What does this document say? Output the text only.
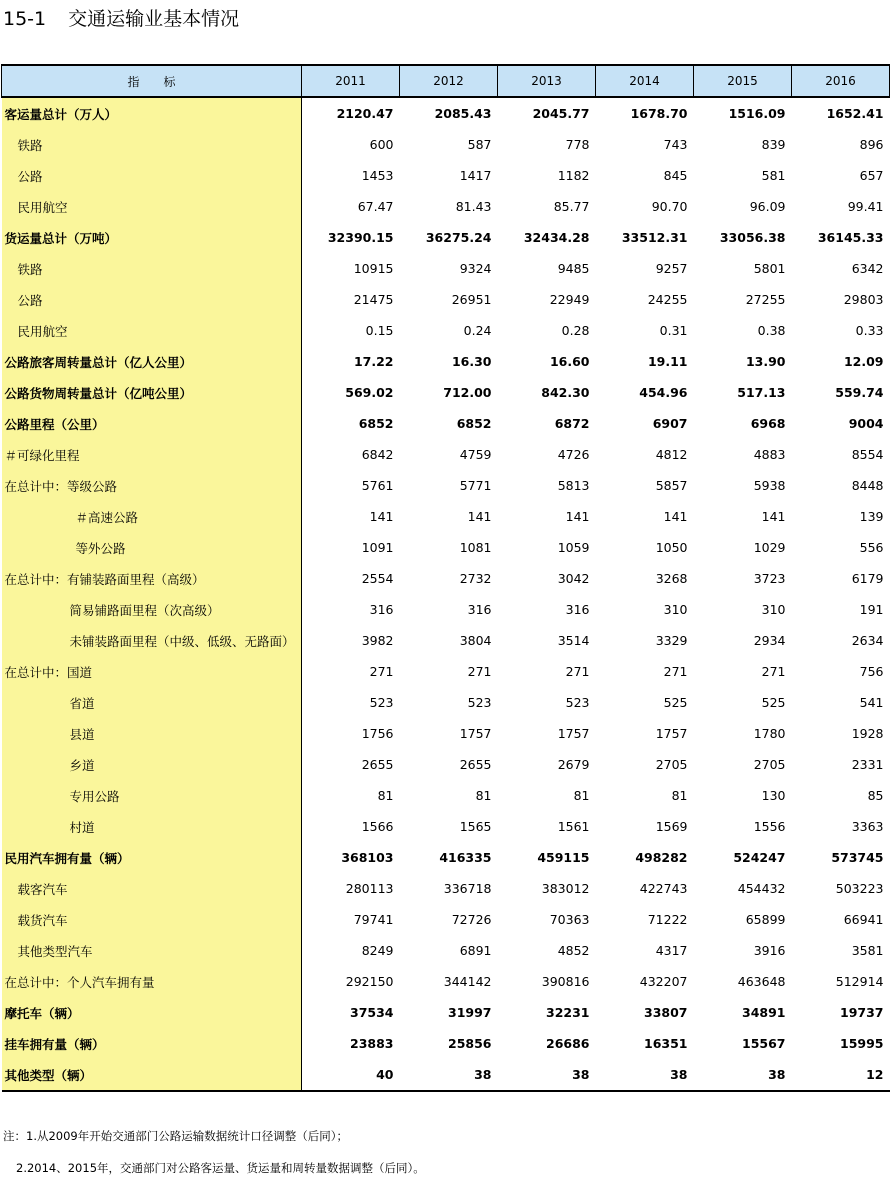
15-1 交通运输业基本情况
指　　标	2011	2012	2013	2014	2015	2016
客运量总计（万人）	2120.47	2085.43	2045.77	1678.70	1516.09	1652.41
铁路	600	587	778	743	839	896
公路	1453	1417	1182	845	581	657
民用航空	67.47	81.43	85.77	90.70	96.09	99.41
货运量总计（万吨）	32390.15	36275.24	32434.28	33512.31	33056.38	36145.33
铁路	10915	9324	9485	9257	5801	6342
公路	21475	26951	22949	24255	27255	29803
民用航空	0.15	0.24	0.28	0.31	0.38	0.33
公路旅客周转量总计（亿人公里）	17.22	16.30	16.60	19.11	13.90	12.09
公路货物周转量总计（亿吨公里）	569.02	712.00	842.30	454.96	517.13	559.74
公路里程（公里）	6852	6852	6872	6907	6968	9004
＃可绿化里程	6842	4759	4726	4812	4883	8554
在总计中：等级公路	5761	5771	5813	5857	5938	8448
＃高速公路	141	141	141	141	141	139
等外公路	1091	1081	1059	1050	1029	556
在总计中：有铺装路面里程（高级）	2554	2732	3042	3268	3723	6179
简易铺路面里程（次高级）	316	316	316	310	310	191
未铺装路面里程（中级、低级、无路面）	3982	3804	3514	3329	2934	2634
在总计中：国道	271	271	271	271	271	756
省道	523	523	523	525	525	541
县道	1756	1757	1757	1757	1780	1928
乡道	2655	2655	2679	2705	2705	2331
专用公路	81	81	81	81	130	85
村道	1566	1565	1561	1569	1556	3363
民用汽车拥有量（辆）	368103	416335	459115	498282	524247	573745
载客汽车	280113	336718	383012	422743	454432	503223
载货汽车	79741	72726	70363	71222	65899	66941
其他类型汽车	8249	6891	4852	4317	3916	3581
在总计中：个人汽车拥有量	292150	344142	390816	432207	463648	512914
摩托车（辆）	37534	31997	32231	33807	34891	19737
挂车拥有量（辆）	23883	25856	26686	16351	15567	15995
其他类型（辆）	40	38	38	38	38	12
注：1.从2009年开始交通部门公路运输数据统计口径调整（后同）；
2.2014、2015年，交通部门对公路客运量、货运量和周转量数据调整（后同）。
